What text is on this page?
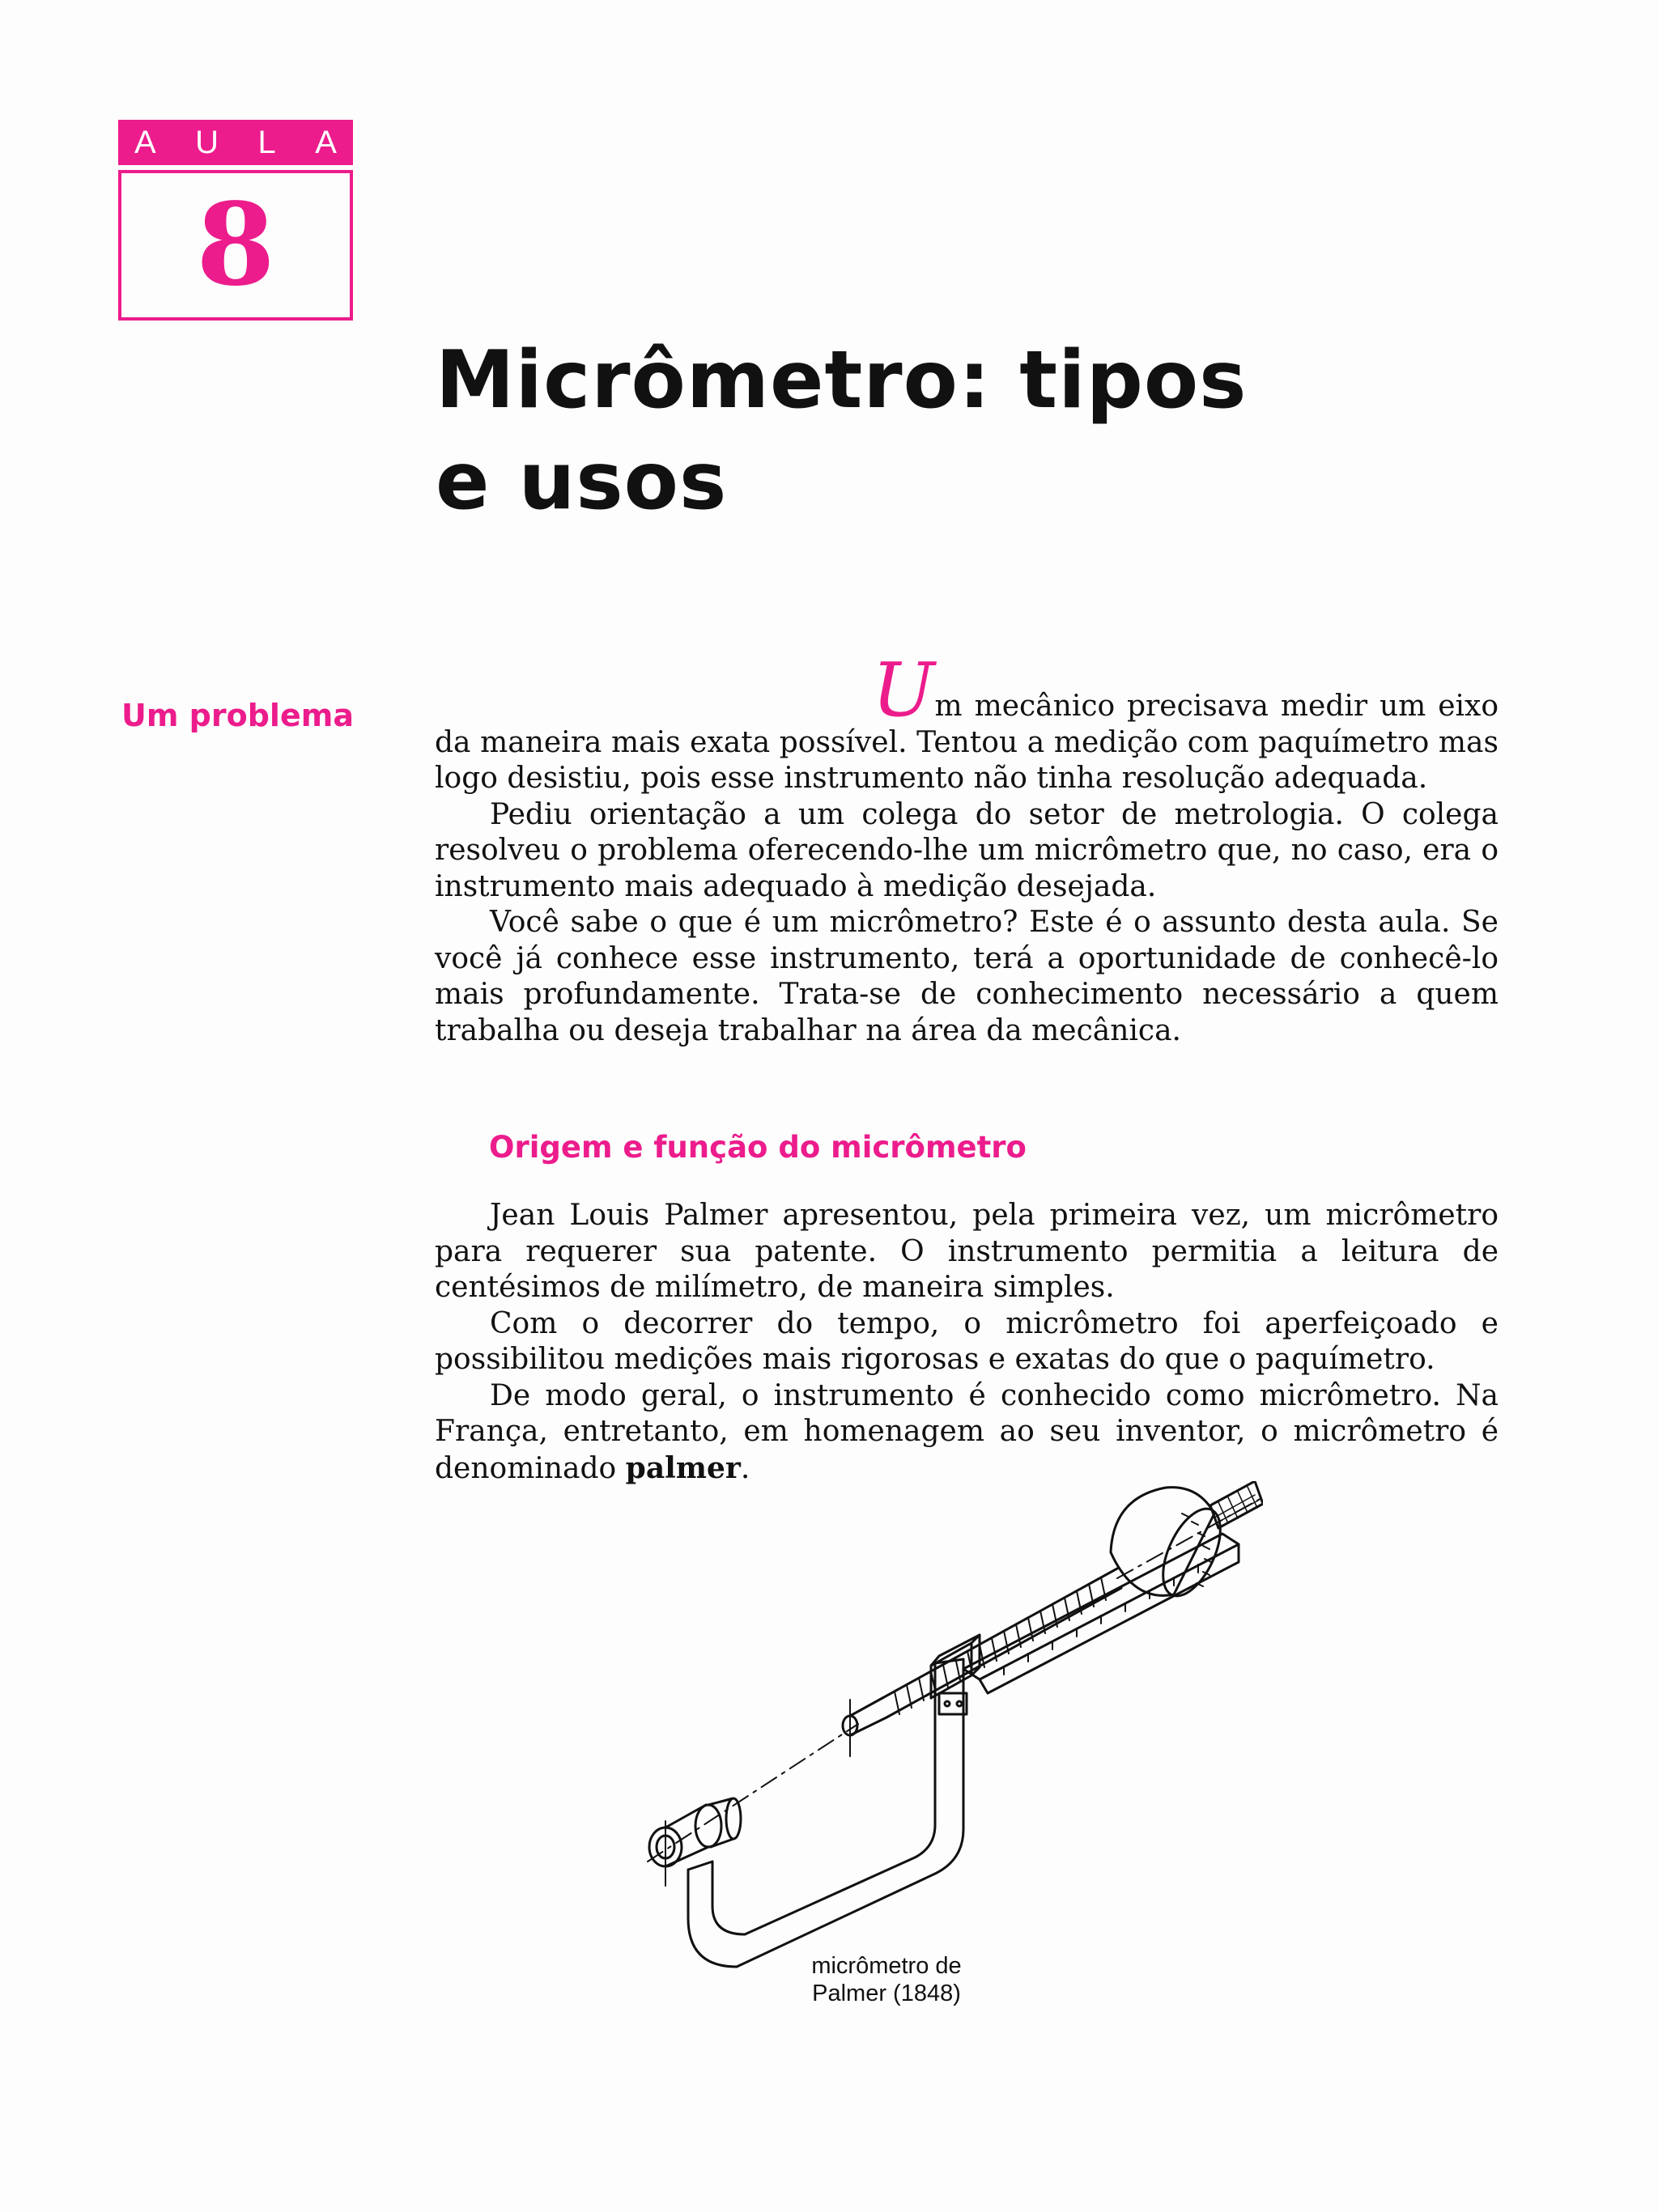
A U L A
8
Micrômetro: tipos
e usos
Um problema	Um mecânico precisava medir um eixo da maneira mais exata possível. Tentou a medição com paquímetro mas logo desistiu, pois esse instrumento não tinha resolução adequada.

Pediu orientação a um colega do setor de metrologia. O colega resolveu o problema oferecendo-lhe um micrômetro que, no caso, era o instrumento mais adequado à medição desejada.

Você sabe o que é um micrômetro? Este é o assunto desta aula. Se você já conhece esse instrumento, terá a oportunidade de conhecê-lo mais profundamente. Trata-se de conhecimento necessário a quem trabalha ou deseja trabalhar na área da mecânica.

Origem e função do micrômetro

Jean Louis Palmer apresentou, pela primeira vez, um micrômetro para requerer sua patente. O instrumento permitia a leitura de centésimos de milímetro, de maneira simples.

Com o decorrer do tempo, o micrômetro foi aperfeiçoado e possibilitou medições mais rigorosas e exatas do que o paquímetro.

De modo geral, o instrumento é conhecido como micrômetro. Na França, entretanto, em homenagem ao seu inventor, o micrômetro é denominado palmer.

micrômetro de
Palmer (1848)
